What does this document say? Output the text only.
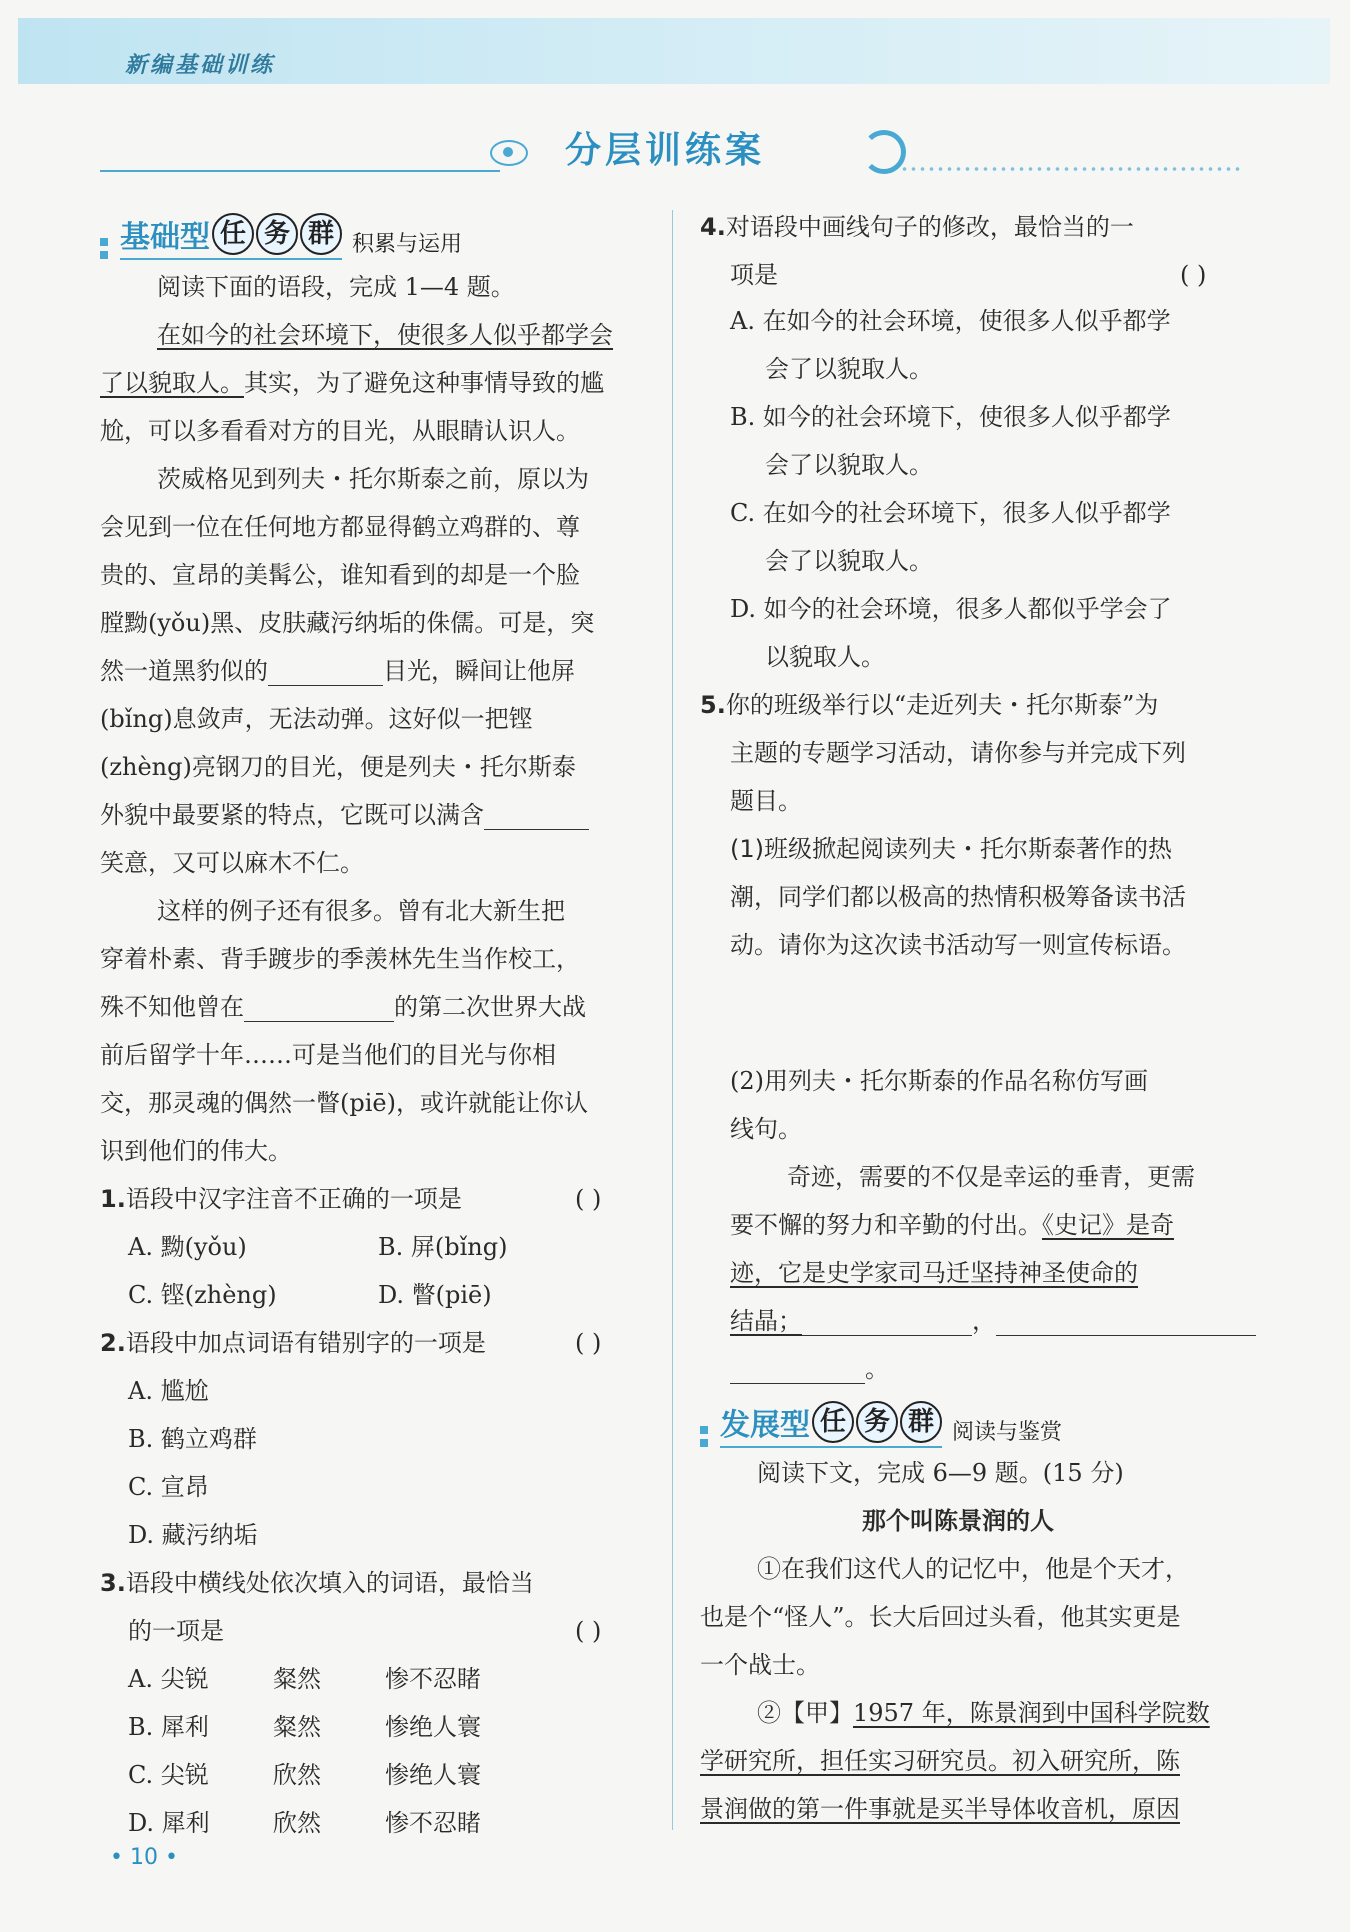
新编基础训练
分层训练案
基础型 任 务 群 积累与运用
阅读下面的语段，完成 1—4 题。
在如今的社会环境下，使很多人似乎都学会
了以貌取人。其实，为了避免这种事情导致的尴
尬，可以多看看对方的目光，从眼睛认识人。
茨威格见到列夫・托尔斯泰之前，原以为
会见到一位在任何地方都显得鹤立鸡群的、尊
贵的、宣昂的美髯公，谁知看到的却是一个脸
膛黝(yǒu)黑、皮肤藏污纳垢的侏儒。可是，突
然一道黑豹似的	目光，瞬间让他屏
(bǐng)息敛声，无法动弹。这好似一把铿
(zhèng)亮钢刀的目光，便是列夫・托尔斯泰
外貌中最要紧的特点，它既可以满含
笑意，又可以麻木不仁。
这样的例子还有很多。曾有北大新生把
穿着朴素、背手踱步的季羡林先生当作校工，
殊不知他曾在	的第二次世界大战
前后留学十年……可是当他们的目光与你相
交，那灵魂的偶然一瞥(piē)，或许就能让你认
识到他们的伟大。
1.语段中汉字注音不正确的一项是	( )
A. 黝(yǒu)	B. 屏(bǐng)
C. 铿(zhèng)	D. 瞥(piē)
2.语段中加点词语有错别字的一项是	( )
A. 尴尬
B. 鹤立鸡群
C. 宣昂
D. 藏污纳垢
3.语段中横线处依次填入的词语，最恰当
的一项是	( )
A. 尖锐	粲然	惨不忍睹
B. 犀利	粲然	惨绝人寰
C. 尖锐	欣然	惨绝人寰
D. 犀利	欣然	惨不忍睹
4.对语段中画线句子的修改，最恰当的一
项是	( )
A. 在如今的社会环境，使很多人似乎都学
会了以貌取人。
B. 如今的社会环境下，使很多人似乎都学
会了以貌取人。
C. 在如今的社会环境下，很多人似乎都学
会了以貌取人。
D. 如今的社会环境，很多人都似乎学会了
以貌取人。
5.你的班级举行以“走近列夫・托尔斯泰”为
主题的专题学习活动，请你参与并完成下列
题目。
(1)班级掀起阅读列夫・托尔斯泰著作的热
潮，同学们都以极高的热情积极筹备读书活
动。请你为这次读书活动写一则宣传标语。
(2)用列夫・托尔斯泰的作品名称仿写画
线句。
奇迹，需要的不仅是幸运的垂青，更需
要不懈的努力和辛勤的付出。《史记》是奇
迹，它是史学家司马迁坚持神圣使命的
结晶；	，
。
发展型 任 务 群 阅读与鉴赏
阅读下文，完成 6—9 题。(15 分)
那个叫陈景润的人
①在我们这代人的记忆中，他是个天才，
也是个“怪人”。长大后回过头看，他其实更是
一个战士。
②【甲】1957 年，陈景润到中国科学院数
学研究所，担任实习研究员。初入研究所，陈
景润做的第一件事就是买半导体收音机，原因
• 10 •
